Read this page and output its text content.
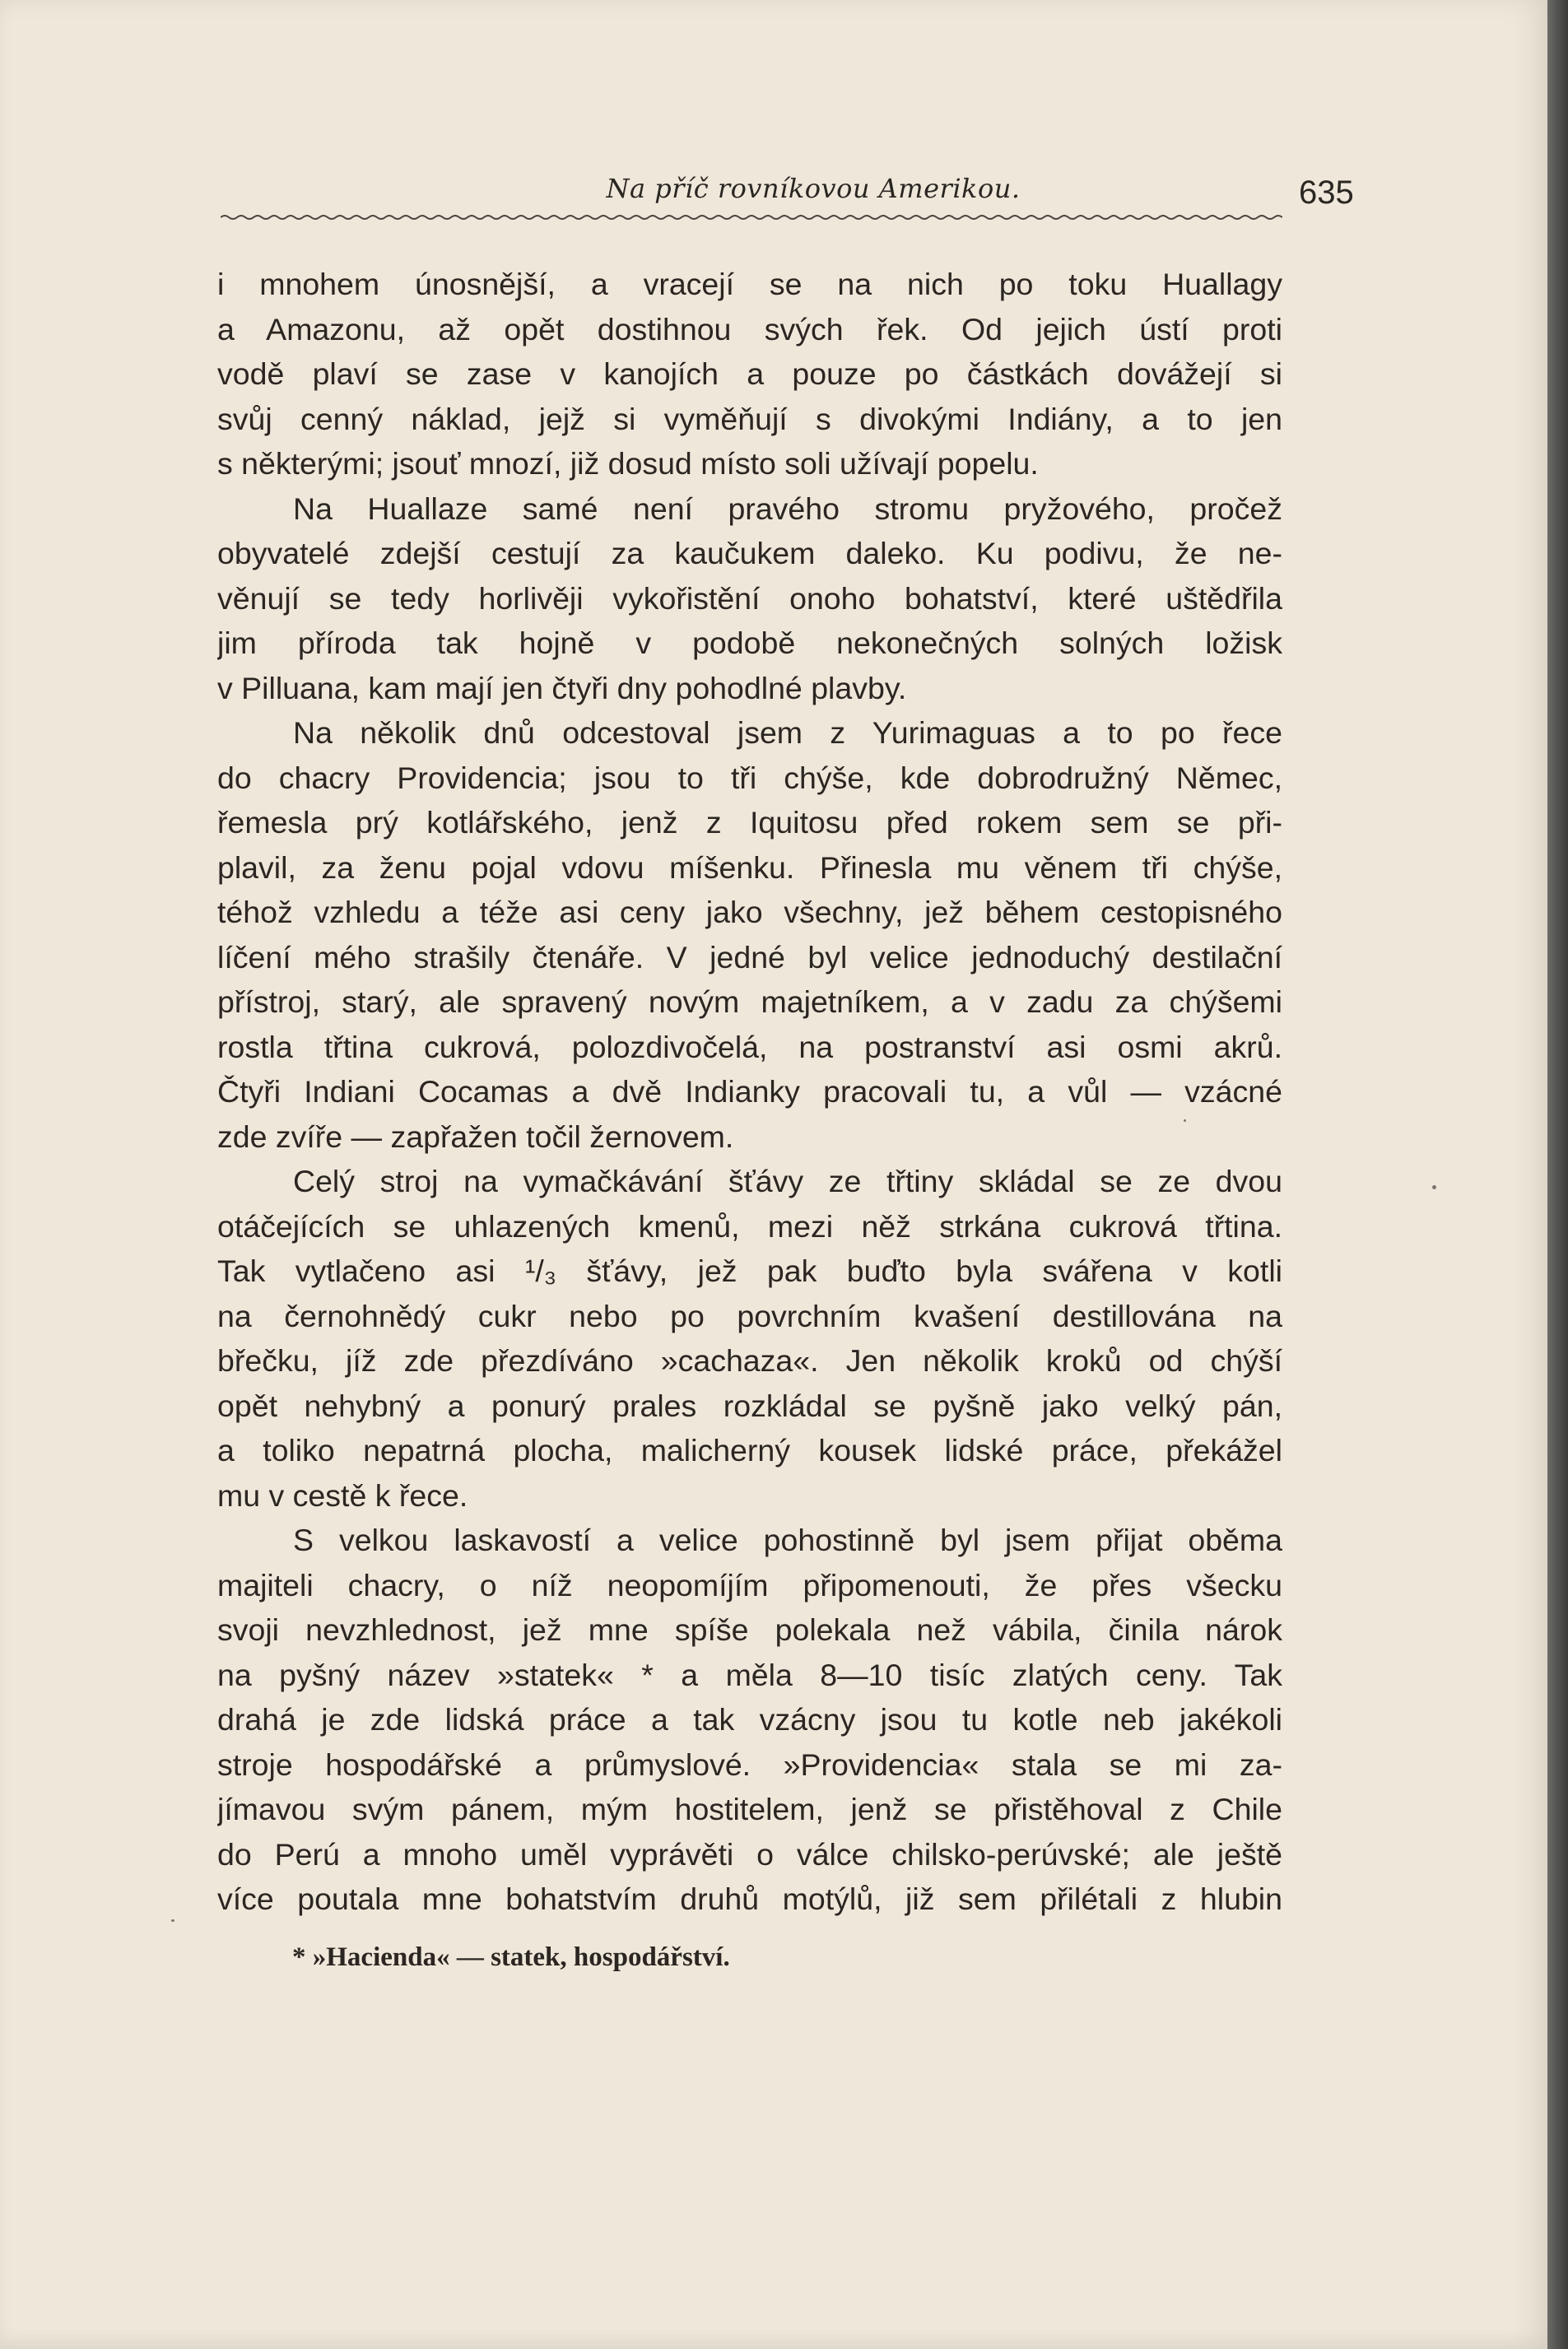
Na příč rovníkovou Amerikou.	635
i mnohem únosnější, a vracejí se na nich po toku Huallagy
a Amazonu, až opět dostihnou svých řek. Od jejich ústí proti
vodě plaví se zase v kanojích a pouze po částkách dovážejí si
svůj cenný náklad, jejž si vyměňují s divokými Indiány, a to jen
s některými; jsouť mnozí, již dosud místo soli užívají popelu.
Na Huallaze samé není pravého stromu pryžového, pročež
obyvatelé zdejší cestují za kaučukem daleko. Ku podivu, že ne-
věnují se tedy horlivěji vykořistění onoho bohatství, které uštědřila
jim příroda tak hojně v podobě nekonečných solných ložisk
v Pilluana, kam mají jen čtyři dny pohodlné plavby.
Na několik dnů odcestoval jsem z Yurimaguas a to po řece
do chacry Providencia; jsou to tři chýše, kde dobrodružný Němec,
řemesla prý kotlářského, jenž z Iquitosu před rokem sem se při-
plavil, za ženu pojal vdovu míšenku. Přinesla mu věnem tři chýše,
téhož vzhledu a téže asi ceny jako všechny, jež během cestopisného
líčení mého strašily čtenáře. V jedné byl velice jednoduchý destilační
přístroj, starý, ale spravený novým majetníkem, a v zadu za chýšemi
rostla třtina cukrová, polozdivočelá, na postranství asi osmi akrů.
Čtyři Indiani Cocamas a dvě Indianky pracovali tu, a vůl — vzácné
zde zvíře — zapřažen točil žernovem.
Celý stroj na vymačkávání šťávy ze třtiny skládal se ze dvou
otáčejících se uhlazených kmenů, mezi něž strkána cukrová třtina.
Tak vytlačeno asi ¹/₃ šťávy, jež pak buďto byla svářena v kotli
na černohnědý cukr nebo po povrchním kvašení destillována na
břečku, jíž zde přezdíváno »cachaza«. Jen několik kroků od chýší
opět nehybný a ponurý prales rozkládal se pyšně jako velký pán,
a toliko nepatrná plocha, malicherný kousek lidské práce, překážel
mu v cestě k řece.
S velkou laskavostí a velice pohostinně byl jsem přijat oběma
majiteli chacry, o níž neopomíjím připomenouti, že přes všecku
svoji nevzhlednost, jež mne spíše polekala než vábila, činila nárok
na pyšný název »statek« * a měla 8—10 tisíc zlatých ceny. Tak
drahá je zde lidská práce a tak vzácny jsou tu kotle neb jakékoli
stroje hospodářské a průmyslové. »Providencia« stala se mi za-
jímavou svým pánem, mým hostitelem, jenž se přistěhoval z Chile
do Perú a mnoho uměl vyprávěti o válce chilsko-perúvské; ale ještě
více poutala mne bohatstvím druhů motýlů, již sem přilétali z hlubin
* »Hacienda« — statek, hospodářství.
